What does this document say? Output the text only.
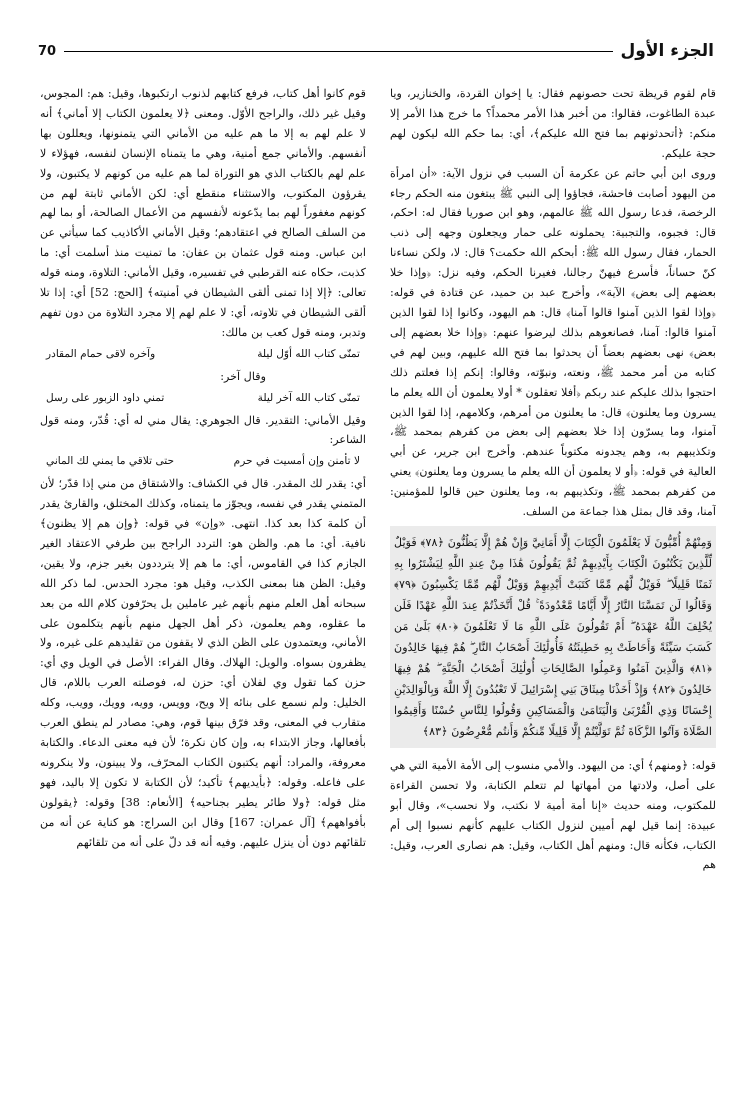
الجزء الأول
70

قام لقوم قريظة تحت حصونهم فقال: يا إخوان القردة، والخنازير، ويا عبدة الطاغوت، فقالوا: من أخبر هذا الأمر محمداً؟ ما خرج هذا الأمر إلا منكم: ﴿أتحدثونهم بما فتح الله عليكم﴾، أي: بما حكم الله ليكون لهم حجة عليكم.

وروى ابن أبي حاتم عن عكرمة أن السبب في نزول الآية: «أن امرأة من اليهود أصابت فاحشة، فجاؤوا إلى النبي ﷺ يبتغون منه الحكم رجاء الرخصة، فدعا رسول الله ﷺ عالمهم، وهو ابن صوريا فقال له: احكم، قال: فجبوه، والتجبية: يحملونه على حمار ويجعلون وجهه إلى ذنب الحمار، فقال رسول الله ﷺ: أبحكم الله حكمت؟ قال: لا، ولكن نساءنا كنّ حساناً، فأسرع فيهنّ رجالنا، فغيرنا الحكم، وفيه نزل: ﴿وإذا خلا بعضهم إلى بعض﴾ الآية»، وأخرج عبد بن حميد، عن قتادة في قوله: ﴿وإذا لقوا الذين آمنوا قالوا آمنا﴾ قال: هم اليهود، وكانوا إذا لقوا الذين آمنوا قالوا: آمنا، فصانعوهم بذلك ليرضوا عنهم: ﴿وإذا خلا بعضهم إلى بعض﴾ نهى بعضهم بعضاً أن يحدثوا بما فتح الله عليهم، وبين لهم في كتابه من أمر محمد ﷺ، ونعته، ونبوّته، وقالوا: إنكم إذا فعلتم ذلك احتجوا بذلك عليكم عند ربكم ﴿أفلا تعقلون * أولا يعلمون أن الله يعلم ما يسرون وما يعلنون﴾ قال: ما يعلنون من أمرهم، وكلامهم، إذا لقوا الذين آمنوا، وما يسرّون إذا خلا بعضهم إلى بعض من كفرهم بمحمد ﷺ، وتكذيبهم به، وهم يجدونه مكتوباً عندهم. وأخرج ابن جرير، عن أبي العالية في قوله: ﴿أو لا يعلمون أن الله يعلم ما يسرون وما يعلنون﴾ يعني من كفرهم بمحمد ﷺ، وتكذيبهم به، وما يعلنون حين قالوا للمؤمنين: آمنا، وقد قال بمثل هذا جماعة من السلف.

وَمِنْهُمْ أُمِّيُّونَ لَا يَعْلَمُونَ الْكِتَابَ إِلَّا أَمَانِيَّ وَإِنْ هُمْ إِلَّا يَظُنُّونَ ﴿٧٨﴾ فَوَيْلٌ لِّلَّذِينَ يَكْتُبُونَ الْكِتَابَ بِأَيْدِيهِمْ ثُمَّ يَقُولُونَ هَٰذَا مِنْ عِندِ اللَّهِ لِيَشْتَرُوا بِهِ ثَمَنًا قَلِيلًا ۖ فَوَيْلٌ لَّهُم مِّمَّا كَتَبَتْ أَيْدِيهِمْ وَوَيْلٌ لَّهُم مِّمَّا يَكْسِبُونَ ﴿٧٩﴾ وَقَالُوا لَن تَمَسَّنَا النَّارُ إِلَّا أَيَّامًا مَّعْدُودَةً ۚ قُلْ أَتَّخَذْتُمْ عِندَ اللَّهِ عَهْدًا فَلَن يُخْلِفَ اللَّهُ عَهْدَهُ ۖ أَمْ تَقُولُونَ عَلَى اللَّهِ مَا لَا تَعْلَمُونَ ﴿٨٠﴾ بَلَىٰ مَن كَسَبَ سَيِّئَةً وَأَحَاطَتْ بِهِ خَطِيئَتُهُ فَأُولَٰئِكَ أَصْحَابُ النَّارِ ۖ هُمْ فِيهَا خَالِدُونَ ﴿٨١﴾ وَالَّذِينَ آمَنُوا وَعَمِلُوا الصَّالِحَاتِ أُولَٰئِكَ أَصْحَابُ الْجَنَّةِ ۖ هُمْ فِيهَا خَالِدُونَ ﴿٨٢﴾ وَإِذْ أَخَذْنَا مِيثَاقَ بَنِي إِسْرَائِيلَ لَا تَعْبُدُونَ إِلَّا اللَّهَ وَبِالْوَالِدَيْنِ إِحْسَانًا وَذِي الْقُرْبَىٰ وَالْيَتَامَىٰ وَالْمَسَاكِينِ وَقُولُوا لِلنَّاسِ حُسْنًا وَأَقِيمُوا الصَّلَاةَ وَآتُوا الزَّكَاةَ ثُمَّ تَوَلَّيْتُمْ إِلَّا قَلِيلًا مِّنكُمْ وَأَنتُم مُّعْرِضُونَ ﴿٨٣﴾

قوله: ﴿ومنهم﴾ أي: من اليهود. والأمي منسوب إلى الأمة الأمية التي هي على أصل، ولادتها من أمهاتها لم تتعلم الكتابة، ولا تحسن القراءة للمكتوب، ومنه حديث «إنا أمة أمية لا نكتب، ولا نحسب»، وقال أبو عبيدة: إنما قيل لهم أميين لنزول الكتاب عليهم كأنهم نسبوا إلى أم الكتاب، فكأنه قال: ومنهم أهل الكتاب، وقيل: هم نصارى العرب، وقيل: هم

قوم كانوا أهل كتاب، فرفع كتابهم لذنوب ارتكبوها، وقيل: هم: المجوس، وقيل غير ذلك، والراجح الأوّل. ومعنى ﴿لا يعلمون الكتاب إلا أماني﴾ أنه لا علم لهم به إلا ما هم عليه من الأماني التي يتمنونها، ويعللون بها أنفسهم. والأماني جمع أمنية، وهي ما يتمناه الإنسان لنفسه، فهؤلاء لا علم لهم بالكتاب الذي هو التوراة لما هم عليه من كونهم لا يكتبون، ولا يقرؤون المكتوب، والاستثناء منقطع أي: لكن الأماني ثابتة لهم من كونهم مغفوراً لهم بما يدّعونه لأنفسهم من الأعمال الصالحة، أو بما لهم من السلف الصالح في اعتقادهم؛ وقيل الأماني الأكاذيب كما سيأتي عن ابن عباس. ومنه قول عثمان بن عفان: ما تمنيت منذ أسلمت أي: ما كذبت، حكاه عنه القرطبي في تفسيره، وقيل الأماني: التلاوة، ومنه قوله تعالى: ﴿إلا إذا تمنى ألقى الشيطان في أمنيته﴾ [الحج: 52] أي: إذا تلا ألقى الشيطان في تلاوته، أي: لا علم لهم إلا مجرد التلاوة من دون تفهم وتدبر، ومنه قول كعب بن مالك:

تمنّى كتاب الله أوّل ليلة
وآخره لاقى حمام المقادر

وقال آخر:

تمنّى كتاب الله آخر ليلة
تمني داود الزبور على رسل

وقيل الأماني: التقدير. قال الجوهري: يقال مني له أي: قُدّر، ومنه قول الشاعر:

لا تأمنن وإن أمسيت في حرم
حتى تلاقي ما يمني لك الماني

أي: يقدر لك المقدر. قال في الكشاف: والاشتقاق من مني إذا قدّر؛ لأن المتمني يقدر في نفسه، ويجوّز ما يتمناه، وكذلك المختلق، والقارئ يقدر أن كلمة كذا بعد كذا. انتهى. «وإن» في قوله: ﴿وإن هم إلا يظنون﴾ نافية. أي: ما هم. والظن هو: التردد الراجح بين طرفي الاعتقاد الغير الجازم كذا في القاموس، أي: ما هم إلا يترددون بغير جزم، ولا يقين، وقيل: الظن هنا بمعنى الكذب، وقيل هو: مجرد الحدس. لما ذكر الله سبحانه أهل العلم منهم بأنهم غير عاملين بل يحرّفون كلام الله من بعد ما عقلوه، وهم يعلمون، ذكر أهل الجهل منهم بأنهم يتكلمون على الأماني، ويعتمدون على الظن الذي لا يقفون من تقليدهم على غيره، ولا يظفرون بسواه. والويل: الهلاك. وقال الفراء: الأصل في الويل وي أي: حزن كما تقول وي لفلان أي: حزن له، فوصلته العرب باللام، قال الخليل: ولم نسمع على بنائه إلا ويح، وويس، وويه، وويك، وويب، وكله متقارب في المعنى، وقد فرّق بينها قوم، وهي: مصادر لم ينطق العرب بأفعالها، وجاز الابتداء به، وإن كان نكرة؛ لأن فيه معنى الدعاء. والكتابة معروفة، والمراد: أنهم يكتبون الكتاب المحرّف، ولا يبينون، ولا ينكرونه على فاعله. وقوله: ﴿بأيديهم﴾ تأكيد؛ لأن الكتابة لا تكون إلا باليد، فهو مثل قوله: ﴿ولا طائر يطير بجناحيه﴾ [الأنعام: 38] وقوله: ﴿يقولون بأفواههم﴾ [آل عمران: 167] وقال ابن السراج: هو كناية عن أنه من تلقائهم دون أن ينزل عليهم. وفيه أنه قد دلّ على أنه من تلقائهم
